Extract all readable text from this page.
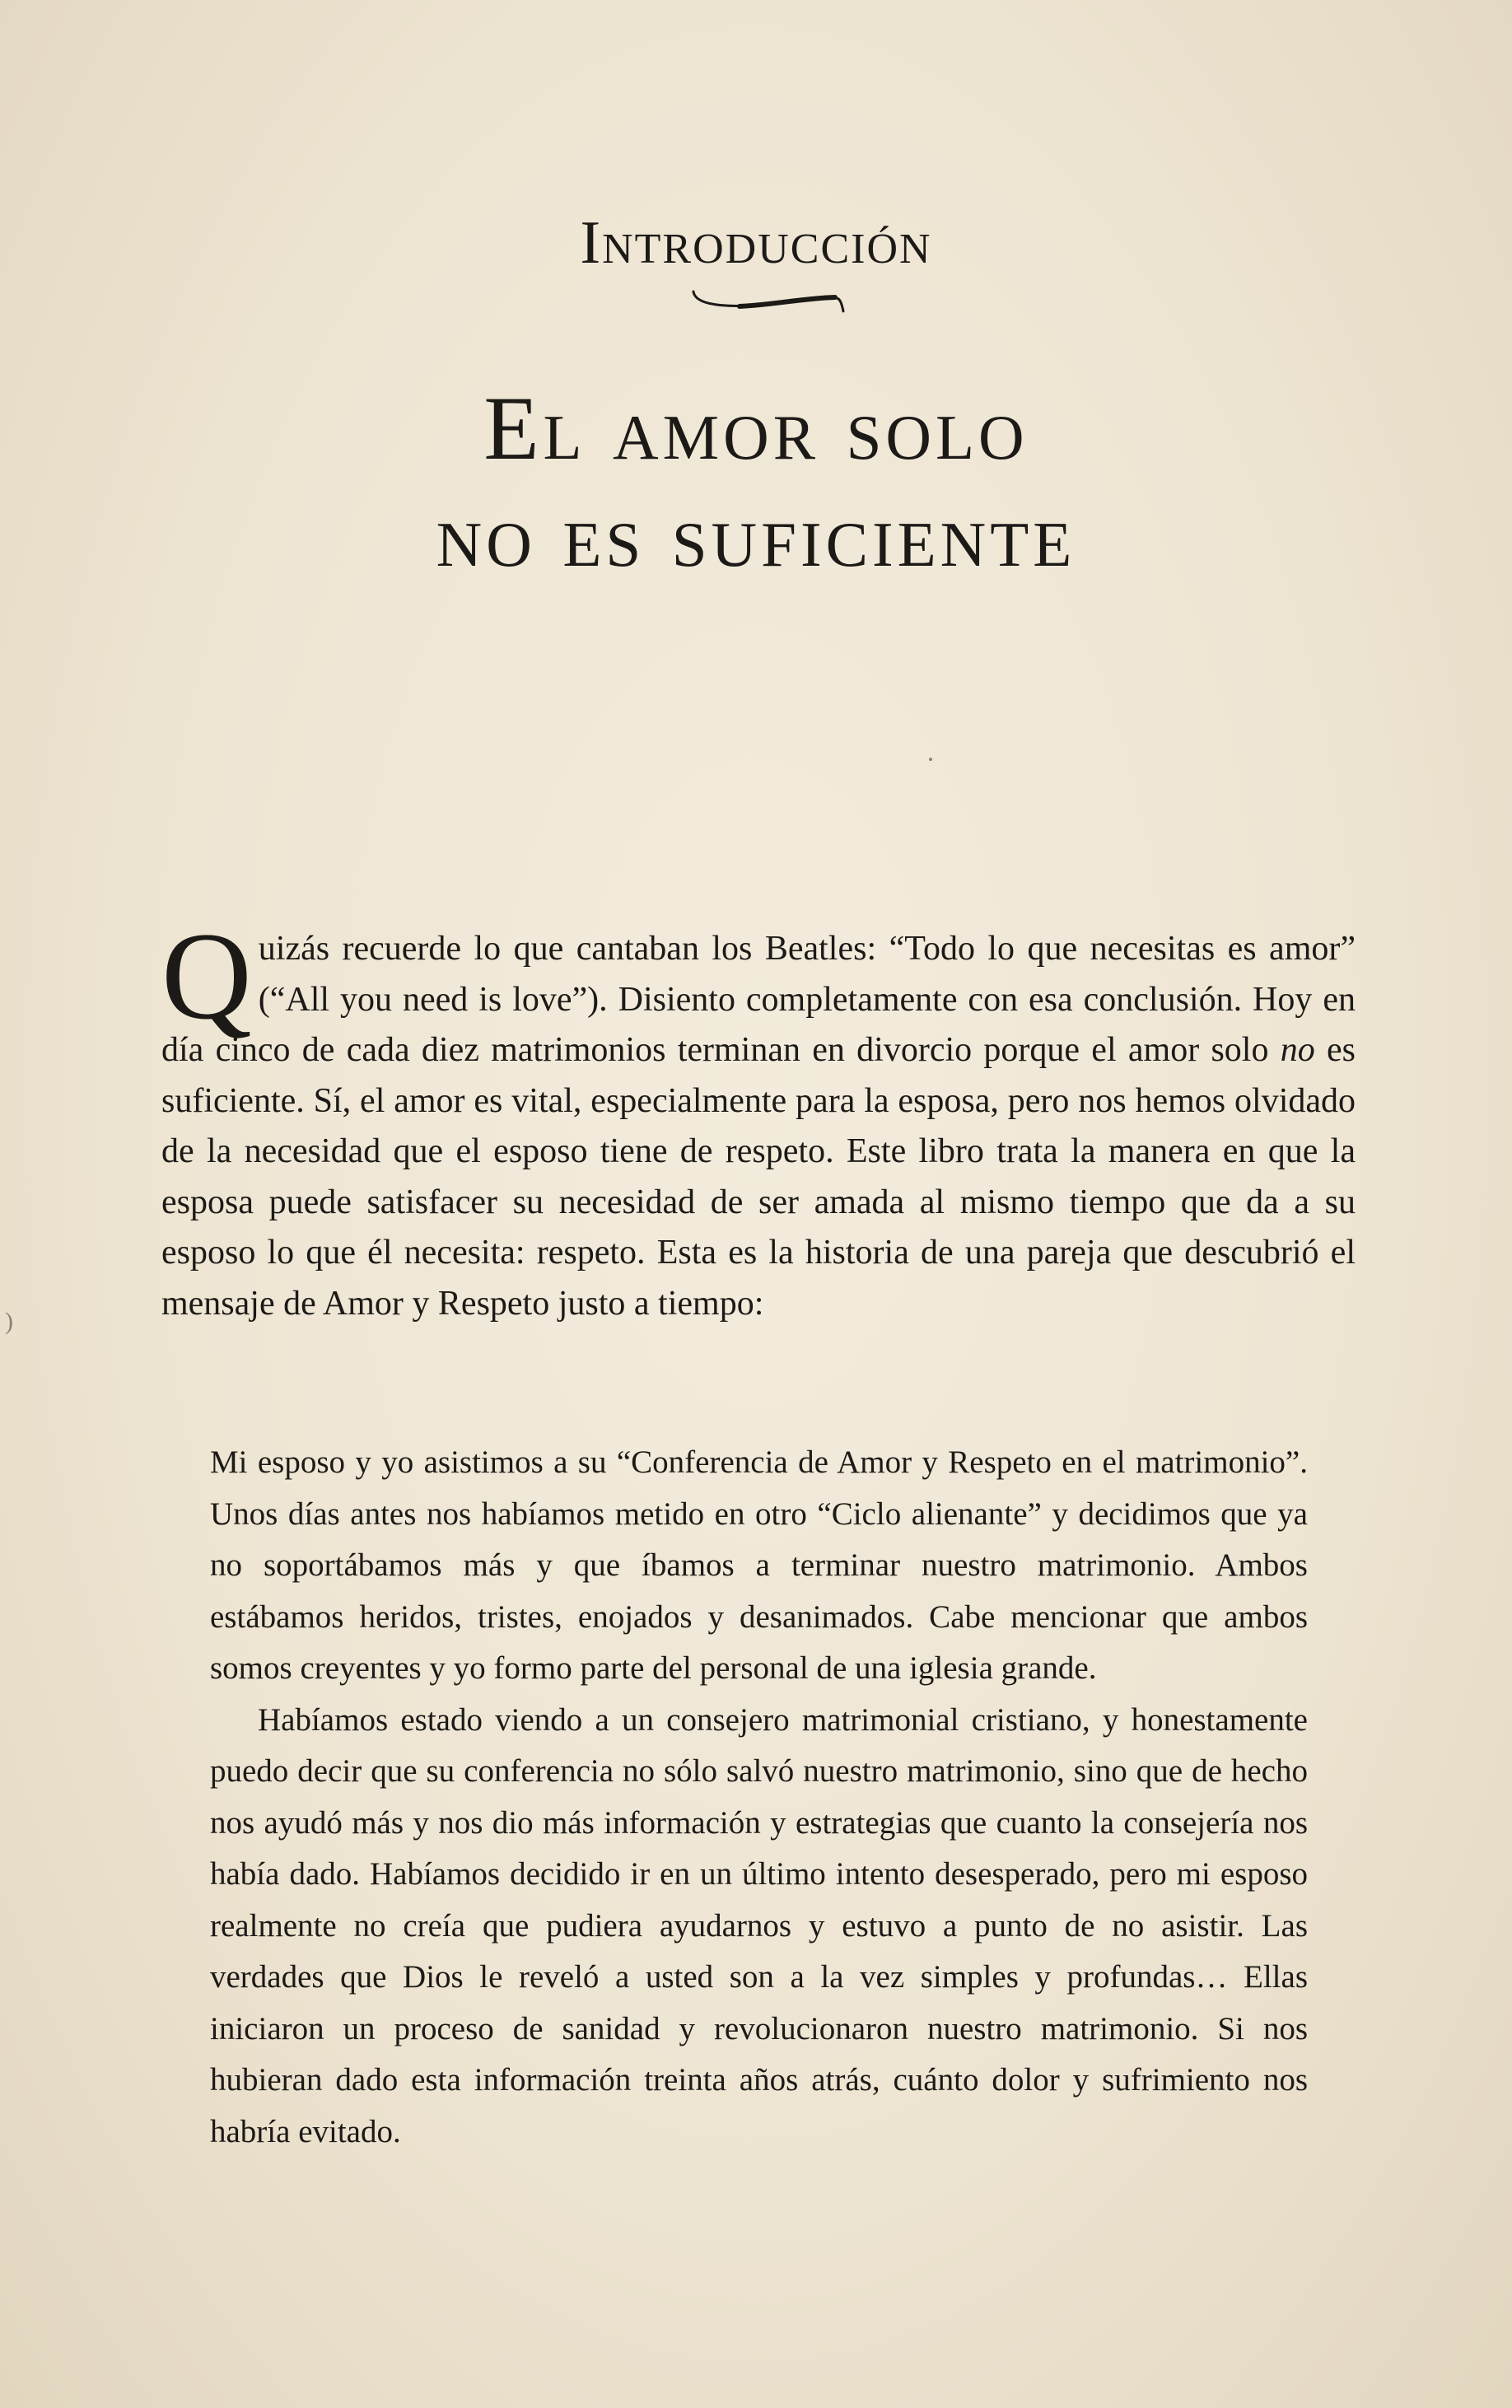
)
Introducción
El amor solo
no es suficiente
Quizás recuerde lo que cantaban los Beatles: “Todo lo que necesitas es amor” (“All you need is love”). Disiento completamente con esa conclusión. Hoy en día cinco de cada diez matrimonios terminan en divorcio porque el amor solo no es suficiente. Sí, el amor es vital, especialmente para la esposa, pero nos hemos olvidado de la necesidad que el esposo tiene de respeto. Este libro trata la manera en que la esposa puede satisfacer su necesidad de ser amada al mismo tiempo que da a su esposo lo que él necesita: respeto. Esta es la historia de una pareja que descubrió el mensaje de Amor y Respeto justo a tiempo:

Mi esposo y yo asistimos a su “Conferencia de Amor y Respeto en el matrimonio”. Unos días antes nos habíamos metido en otro “Ciclo alienante” y decidimos que ya no soportábamos más y que íbamos a terminar nuestro matrimonio. Ambos estábamos heridos, tristes, enojados y desanimados. Cabe mencionar que ambos somos creyentes y yo formo parte del personal de una iglesia grande.

Habíamos estado viendo a un consejero matrimonial cristiano, y honestamente puedo decir que su conferencia no sólo salvó nuestro matrimonio, sino que de hecho nos ayudó más y nos dio más información y estrategias que cuanto la consejería nos había dado. Habíamos decidido ir en un último intento desesperado, pero mi esposo realmente no creía que pudiera ayudarnos y estuvo a punto de no asistir. Las verdades que Dios le reveló a usted son a la vez simples y profundas… Ellas iniciaron un proceso de sanidad y revolucionaron nuestro matrimonio. Si nos hubieran dado esta información treinta años atrás, cuánto dolor y sufrimiento nos habría evitado.
